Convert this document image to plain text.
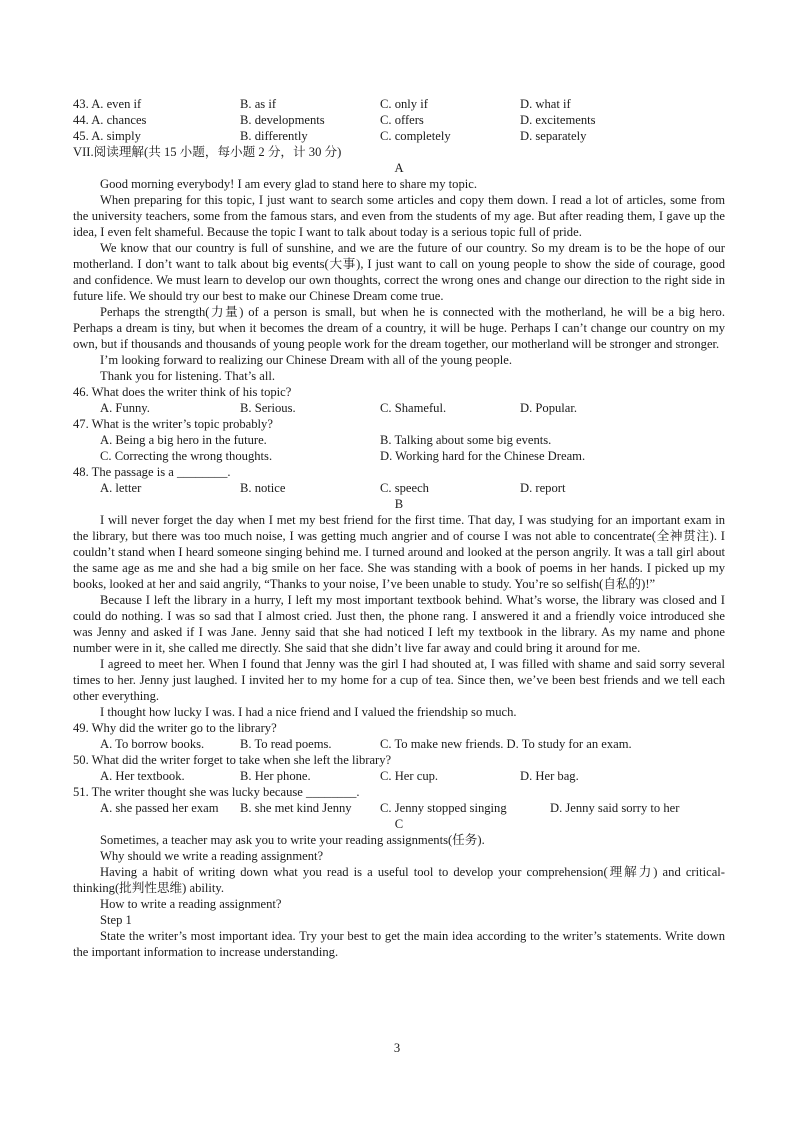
43. A. even if	B. as if	C. only if	D. what if
44. A. chances	B. developments	C. offers	D. excitements
45. A. simply	B. differently	C. completely	D. separately
VII.阅读理解(共 15 小题，每小题 2 分，计 30 分)
A

Good morning everybody! I am every glad to stand here to share my topic.

When preparing for this topic, I just want to search some articles and copy them down. I read a lot of articles, some from the university teachers, some from the famous stars, and even from the students of my age. But after reading them, I gave up the idea, I even felt shameful. Because the topic I want to talk about today is a serious topic full of pride.

We know that our country is full of sunshine, and we are the future of our country. So my dream is to be the hope of our motherland. I don’t want to talk about big events(大事), I just want to call on young people to show the side of courage, good and confidence. We must learn to develop our own thoughts, correct the wrong ones and change our direction to the right side in future life. We should try our best to make our Chinese Dream come true.

Perhaps the strength(力量) of a person is small, but when he is connected with the motherland, he will be a big hero. Perhaps a dream is tiny, but when it becomes the dream of a country, it will be huge. Perhaps I can’t change our country on my own, but if thousands and thousands of young people work for the dream together, our motherland will be stronger and stronger.

I’m looking forward to realizing our Chinese Dream with all of the young people.

Thank you for listening. That’s all.

46. What does the writer think of his topic?
A. Funny.	B. Serious.	C. Shameful.	D. Popular.
47. What is the writer’s topic probably?
A. Being a big hero in the future.	B. Talking about some big events.
C. Correcting the wrong thoughts.	D. Working hard for the Chinese Dream.
48. The passage is a ________.
A. letter	B. notice	C. speech	D. report
B

I will never forget the day when I met my best friend for the first time. That day, I was studying for an important exam in the library, but there was too much noise, I was getting much angrier and of course I was not able to concentrate(全神贯注). I couldn’t stand when I heard someone singing behind me. I turned around and looked at the person angrily. It was a tall girl about the same age as me and she had a big smile on her face. She was standing with a book of poems in her hands. I picked up my books, looked at her and said angrily, “Thanks to your noise, I’ve been unable to study. You’re so selfish(自私的)!”

Because I left the library in a hurry, I left my most important textbook behind. What’s worse, the library was closed and I could do nothing. I was so sad that I almost cried. Just then, the phone rang. I answered it and a friendly voice introduced she was Jenny and asked if I was Jane. Jenny said that she had noticed I left my textbook in the library. As my name and phone number were in it, she called me directly. She said that she didn’t live far away and could bring it around for me.

I agreed to meet her. When I found that Jenny was the girl I had shouted at, I was filled with shame and said sorry several times to her. Jenny just laughed. I invited her to my home for a cup of tea. Since then, we’ve been best friends and we tell each other everything.

I thought how lucky I was. I had a nice friend and I valued the friendship so much.

49. Why did the writer go to the library?
A. To borrow books.	B. To read poems.	C. To make new friends. D. To study for an exam.
50. What did the writer forget to take when she left the library?
A. Her textbook.	B. Her phone.	C. Her cup.	D. Her bag.
51. The writer thought she was lucky because ________.
A. she passed her exam	B. she met kind Jenny	C. Jenny stopped singing	D. Jenny said sorry to her
C

Sometimes, a teacher may ask you to write your reading assignments(任务).

Why should we write a reading assignment?

Having a habit of writing down what you read is a useful tool to develop your comprehension(理解力) and critical-thinking(批判性思维) ability.

How to write a reading assignment?

Step 1

State the writer’s most important idea. Try your best to get the main idea according to the writer’s statements. Write down the important information to increase understanding.

3
